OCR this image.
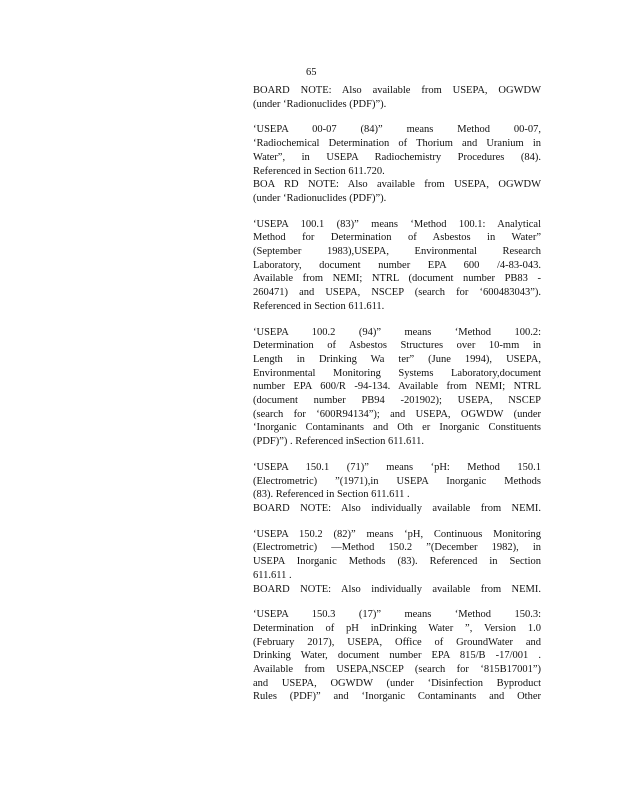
65
BOARD NOTE: Also available from USEPA, OGWDW
(under ‘Radionuclides (PDF)”).
‘USEPA 00-07 (84)” means Method 00-07,
‘Radiochemical Determination of Thorium and Uranium in
Water”, in USEPA Radiochemistry Procedures (84).
Referenced in Section 611.720.
BOA RD NOTE: Also available from USEPA, OGWDW
(under ‘Radionuclides (PDF)”).
‘USEPA 100.1 (83)” means ‘Method 100.1: Analytical
Method for Determination of Asbestos in Water”
(September 1983),USEPA, Environmental Research
Laboratory, document number EPA 600 /4-83-043.
Available from NEMI; NTRL (document number PB83 -
260471) and USEPA, NSCEP (search for ‘600483043”).
Referenced in Section 611.611.
‘USEPA 100.2 (94)” means ‘Method 100.2:
Determination of Asbestos Structures over 10-mm in
Length in Drinking Wa ter” (June 1994), USEPA,
Environmental Monitoring Systems Laboratory,document
number EPA 600/R -94-134. Available from NEMI; NTRL
(document number PB94 -201902); USEPA, NSCEP
(search for ‘600R94134”); and USEPA, OGWDW (under
‘Inorganic Contaminants and Oth er Inorganic Constituents
(PDF)”) . Referenced inSection 611.611.
‘USEPA 150.1 (71)” means ‘pH: Method 150.1
(Electrometric) ”(1971),in USEPA Inorganic Methods
(83). Referenced in Section 611.611 .
BOARD NOTE: Also individually available from NEMI.
‘USEPA 150.2 (82)” means ‘pH, Continuous Monitoring
(Electrometric) —Method 150.2 ”(December 1982), in
USEPA Inorganic Methods (83). Referenced in Section
611.611 .
BOARD NOTE: Also individually available from NEMI.
‘USEPA 150.3 (17)” means ‘Method 150.3:
Determination of pH inDrinking Water ”, Version 1.0
(February 2017), USEPA, Office of GroundWater and
Drinking Water, document number EPA 815/B -17/001 .
Available from USEPA,NSCEP (search for ‘815B17001”)
and USEPA, OGWDW (under ‘Disinfection Byproduct
Rules (PDF)” and ‘Inorganic Contaminants and Other
